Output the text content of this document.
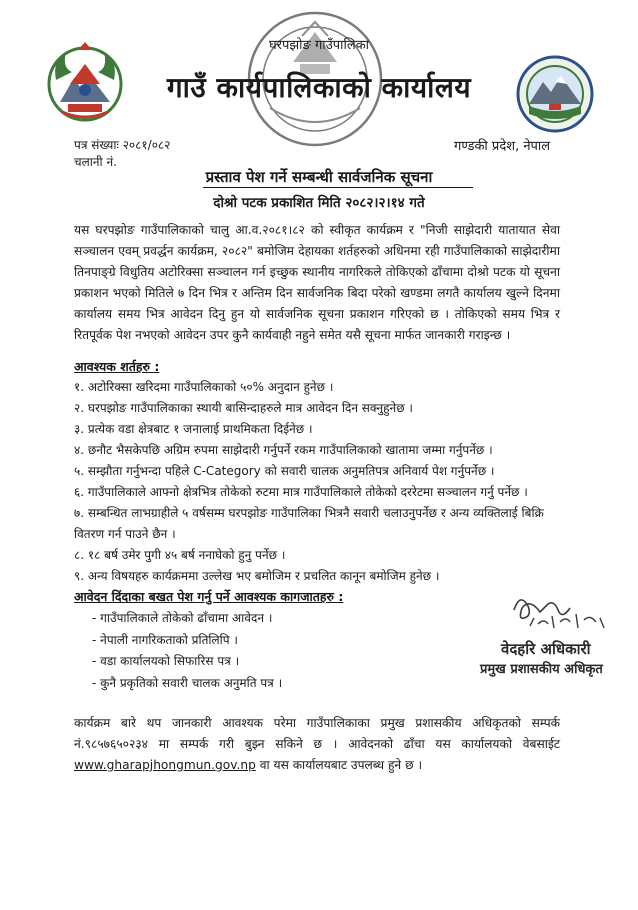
घरपझोङ गाउँपालिका
गाउँ कार्यपालिकाको कार्यालय
पत्र संख्याः २०८१/०८२
चलानी नं.
गण्डकी प्रदेश, नेपाल
प्रस्ताव पेश गर्ने सम्बन्धी सार्वजनिक सूचना
दोश्रो पटक प्रकाशित मिति २०८२।२।१४ गते
यस घरपझोङ गाउँपालिकाको चालु आ.व.२०८१।८२ को स्वीकृत कार्यक्रम र "निजी साझेदारी यातायात सेवा सञ्चालन एवम् प्रवर्द्धन कार्यक्रम, २०८२" बमोजिम देहायका शर्तहरुको अधिनमा रही गाउँपालिकाको साझेदारीमा तिनपाङ्ग्रे विधुतिय अटोरिक्सा सञ्चालन गर्न इच्छुक स्थानीय नागरिकले तोकिएको ढाँचामा दोश्रो पटक यो सूचना प्रकाशन भएको मितिले ७ दिन भित्र र अन्तिम दिन सार्वजनिक बिदा परेको खण्डमा लगतै कार्यालय खुल्ने दिनमा कार्यालय समय भित्र आवेदन दिनु हुन यो सार्वजनिक सूचना प्रकाशन गरिएको छ । तोकिएको समय भित्र र रितपूर्वक पेश नभएको आवेदन उपर कुनै कार्यवाही नहुने समेत यसै सूचना मार्फत जानकारी गराइन्छ ।
आवश्यक शर्तहरु :
१. अटोरिक्सा खरिदमा गाउँपालिकाको ५०% अनुदान हुनेछ ।
२. घरपझोङ गाउँपालिकाका स्थायी बासिन्दाहरुले मात्र आवेदन दिन सक्नुहुनेछ ।
३. प्रत्येक वडा क्षेत्रबाट १ जनालाई प्राथमिकता दिईनेछ ।
४. छनौट भैसकेपछि अग्रिम रुपमा साझेदारी गर्नुपर्ने रकम गाउँपालिकाको खातामा जम्मा गर्नुपर्नेछ ।
५. सम्झौता गर्नुभन्दा पहिले C-Category को सवारी चालक अनुमतिपत्र अनिवार्य पेश गर्नुपर्नेछ ।
६. गाउँपालिकाले आफ्नो क्षेत्रभित्र तोकेको रुटमा मात्र गाउँपालिकाले तोकेको दररेटमा सञ्चालन गर्नु पर्नेछ ।
७. सम्बन्धित लाभग्राहीले ५ वर्षसम्म घरपझोङ गाउँपालिका भित्रनै सवारी चलाउनुपर्नेछ र अन्य व्यक्तिलाई बिक्रि वितरण गर्न पाउने छैन ।
८. १८ बर्ष उमेर पुगी ४५ बर्ष ननाघेको हुनु पर्नेछ ।
९. अन्य विषयहरु कार्यक्रममा उल्लेख भए बमोजिम र प्रचलित कानून बमोजिम हुनेछ ।
आवेदन दिंदाका बखत पेश गर्नु पर्ने आवश्यक कागजातहरु :
- गाउँपालिकाले तोकेको ढाँचामा आवेदन ।
- नेपाली नागरिकताको प्रतिलिपि ।
- वडा कार्यालयको सिफारिस पत्र ।
- कुनै प्रकृतिको सवारी चालक अनुमति पत्र ।
वेदहरि अधिकारी
प्रमुख प्रशासकीय अधिकृत
कार्यक्रम बारे थप जानकारी आवश्यक परेमा गाउँपालिकाका प्रमुख प्रशासकीय अधिकृतको सम्पर्क नं.९८५७६५०२३४ मा सम्पर्क गरी बुझ्न सकिने छ । आवेदनको ढाँचा यस कार्यालयको वेबसाईट www.gharapjhongmun.gov.np वा यस कार्यालयबाट उपलब्ध हुने छ ।
